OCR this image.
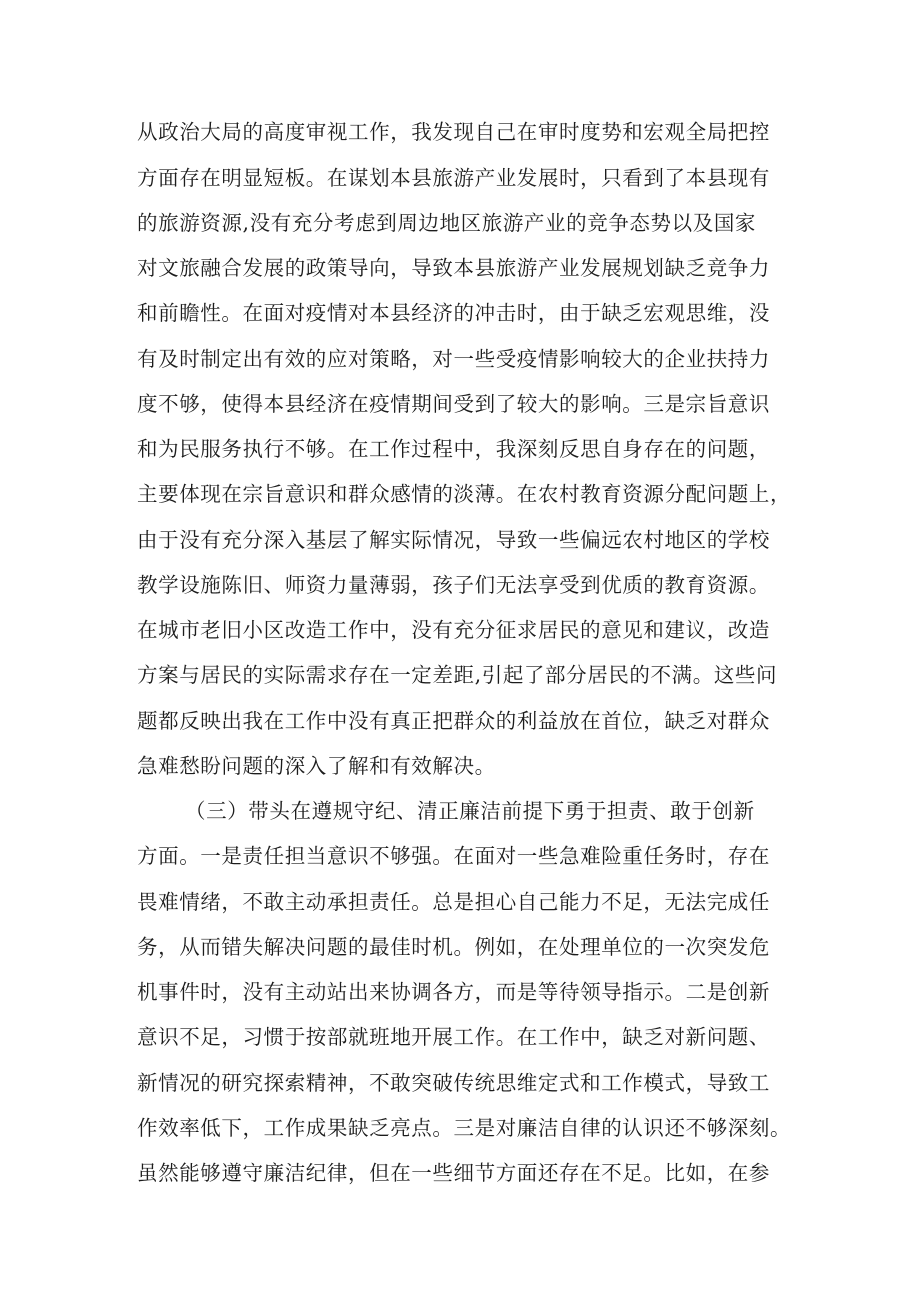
从政治大局的高度审视工作，我发现自己在审时度势和宏观全局把控
方面存在明显短板。在谋划本县旅游产业发展时，只看到了本县现有
的旅游资源,没有充分考虑到周边地区旅游产业的竞争态势以及国家
对文旅融合发展的政策导向，导致本县旅游产业发展规划缺乏竞争力
和前瞻性。在面对疫情对本县经济的冲击时，由于缺乏宏观思维，没
有及时制定出有效的应对策略，对一些受疫情影响较大的企业扶持力
度不够，使得本县经济在疫情期间受到了较大的影响。三是宗旨意识
和为民服务执行不够。在工作过程中，我深刻反思自身存在的问题，
主要体现在宗旨意识和群众感情的淡薄。在农村教育资源分配问题上，
由于没有充分深入基层了解实际情况，导致一些偏远农村地区的学校
教学设施陈旧、师资力量薄弱，孩子们无法享受到优质的教育资源。
在城市老旧小区改造工作中，没有充分征求居民的意见和建议，改造
方案与居民的实际需求存在一定差距,引起了部分居民的不满。这些问
题都反映出我在工作中没有真正把群众的利益放在首位，缺乏对群众
急难愁盼问题的深入了解和有效解决。
（三）带头在遵规守纪、清正廉洁前提下勇于担责、敢于创新
方面。一是责任担当意识不够强。在面对一些急难险重任务时，存在
畏难情绪，不敢主动承担责任。总是担心自己能力不足，无法完成任
务，从而错失解决问题的最佳时机。例如，在处理单位的一次突发危
机事件时，没有主动站出来协调各方，而是等待领导指示。二是创新
意识不足，习惯于按部就班地开展工作。在工作中，缺乏对新问题、
新情况的研究探索精神，不敢突破传统思维定式和工作模式，导致工
作效率低下，工作成果缺乏亮点。三是对廉洁自律的认识还不够深刻。
虽然能够遵守廉洁纪律，但在一些细节方面还存在不足。比如，在参
